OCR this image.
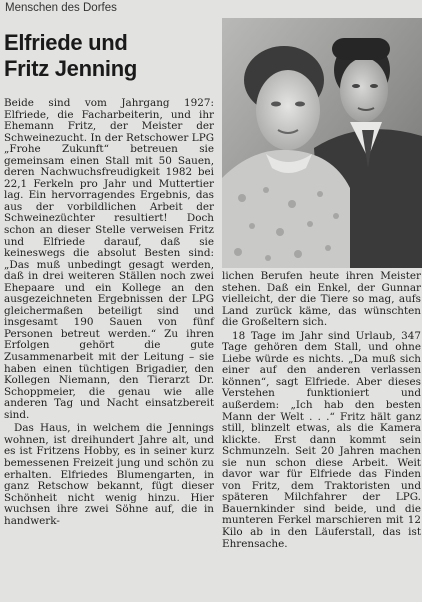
Menschen des Dorfes
Elfriede und
Fritz Jenning

Beide sind vom Jahrgang 1927: Elfriede, die Facharbeiterin, und ihr Ehemann Fritz, der Meister der Schweinezucht. In der Retschower LPG „Frohe Zukunft“ betreuen sie gemeinsam einen Stall mit 50 Sauen, deren Nachwuchsfreudigkeit 1982 bei 22,1 Ferkeln pro Jahr und Muttertier lag. Ein hervorragendes Ergebnis, das aus der vorbildlichen Arbeit der Schweinezüchter resultiert! Doch schon an dieser Stelle verweisen Fritz und Elfriede darauf, daß sie keineswegs die absolut Besten sind: „Das muß unbedingt gesagt werden, daß in drei weiteren Ställen noch zwei Ehepaare und ein Kollege an den ausgezeichneten Ergebnissen der LPG gleichermaßen beteiligt sind und insgesamt 190 Sauen von fünf Personen betreut werden.“ Zu ihren Erfolgen gehört die gute Zusammenarbeit mit der Leitung – sie haben einen tüchtigen Brigadier, den Kollegen Niemann, den Tierarzt Dr. Schoppmeier, die genau wie alle anderen Tag und Nacht einsatzbereit sind.

Das Haus, in welchem die Jennings wohnen, ist dreihundert Jahre alt, und es ist Fritzens Hobby, es in seiner kurz bemessenen Freizeit jung und schön zu erhalten. Elfriedes Blumengarten, in ganz Retschow bekannt, fügt dieser Schönheit nicht wenig hinzu. Hier wuchsen ihre zwei Söhne auf, die in handwerk-

lichen Berufen heute ihren Meister stehen. Daß ein Enkel, der Gunnar vielleicht, der die Tiere so mag, aufs Land zurück käme, das wünschten die Großeltern sich.

18 Tage im Jahr sind Urlaub, 347 Tage gehören dem Stall, und ohne Liebe würde es nichts. „Da muß sich einer auf den anderen verlassen können“, sagt Elfriede. Aber dieses Verstehen funktioniert und außerdem: „Ich hab den besten Mann der Welt . . .“ Fritz hält ganz still, blinzelt etwas, als die Kamera klickte. Erst dann kommt sein Schmunzeln. Seit 20 Jahren machen sie nun schon diese Arbeit. Weit davor war für Elfriede das Finden von Fritz, dem Traktoristen und späteren Milchfahrer der LPG. Bauernkinder sind beide, und die munteren Ferkel marschieren mit 12 Kilo ab in den Läuferstall, das ist Ehrensache.
